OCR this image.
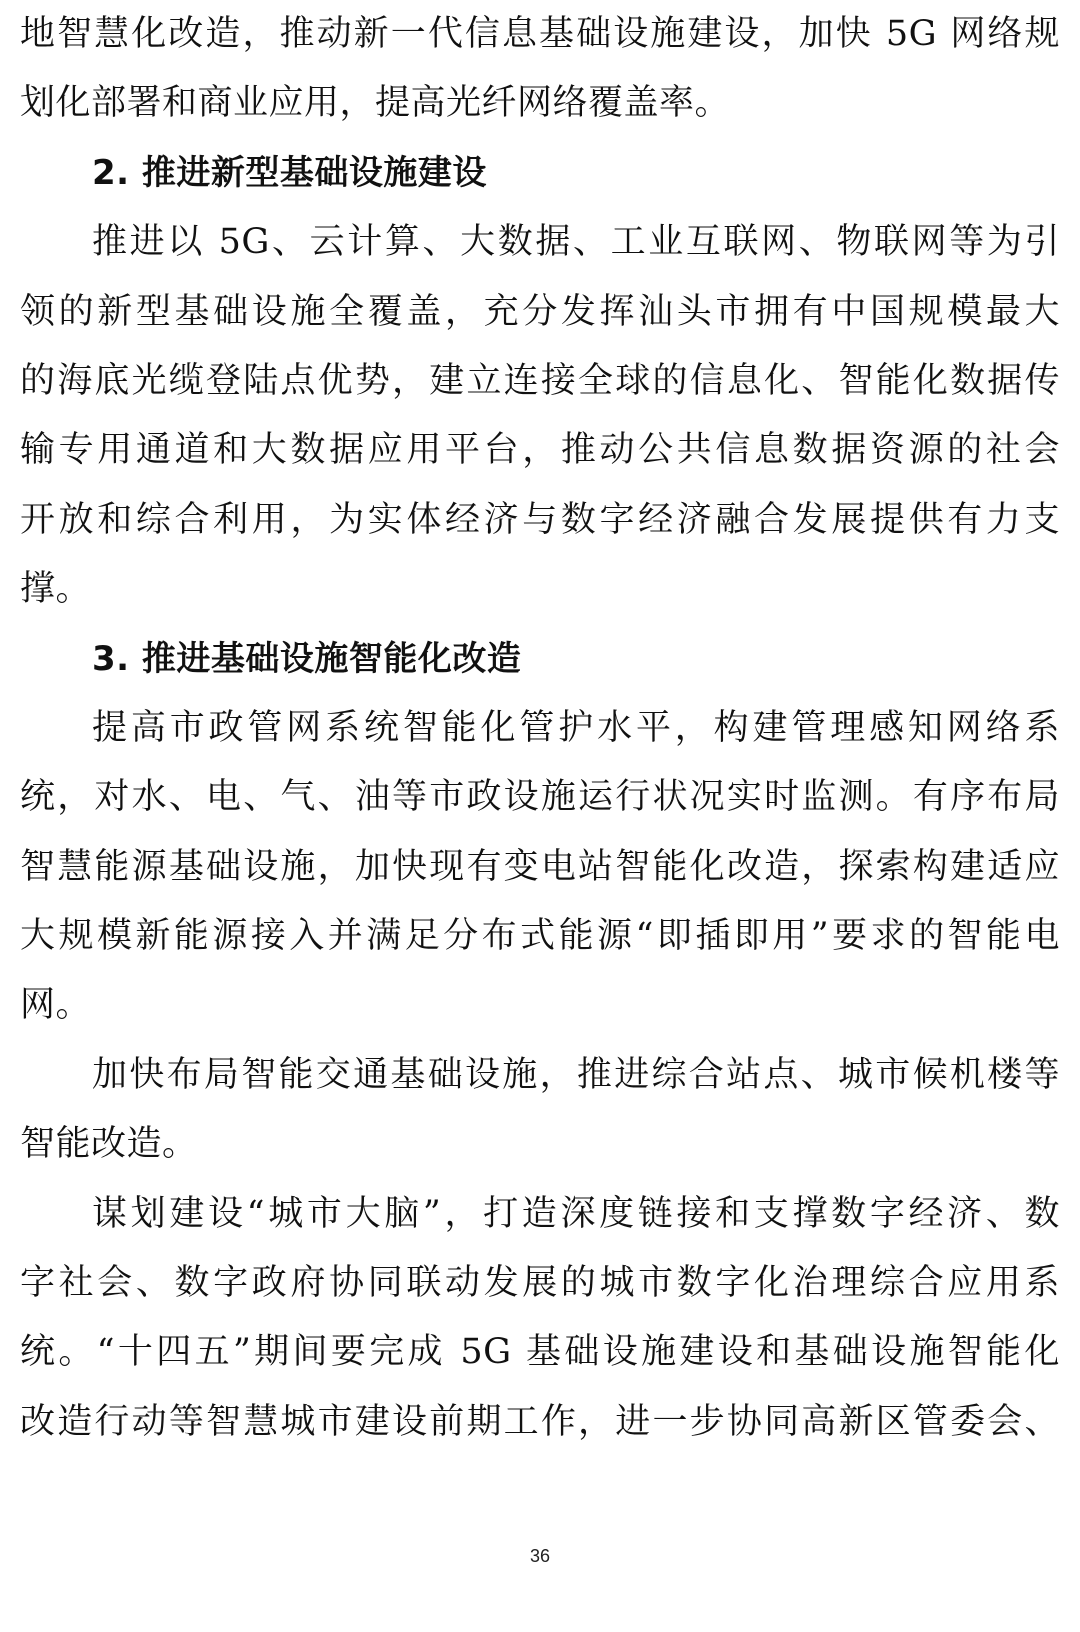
地智慧化改造，推动新一代信息基础设施建设，加快 5G 网络规
划化部署和商业应用，提高光纤网络覆盖率。
2. 推进新型基础设施建设
推进以 5G、云计算、大数据、工业互联网、物联网等为引
领的新型基础设施全覆盖，充分发挥汕头市拥有中国规模最大
的海底光缆登陆点优势，建立连接全球的信息化、智能化数据传
输专用通道和大数据应用平台，推动公共信息数据资源的社会
开放和综合利用，为实体经济与数字经济融合发展提供有力支
撑。
3. 推进基础设施智能化改造
提高市政管网系统智能化管护水平，构建管理感知网络系
统，对水、电、气、油等市政设施运行状况实时监测。有序布局
智慧能源基础设施，加快现有变电站智能化改造，探索构建适应
大规模新能源接入并满足分布式能源“即插即用”要求的智能电
网。
加快布局智能交通基础设施，推进综合站点、城市候机楼等
智能改造。
谋划建设“城市大脑”，打造深度链接和支撑数字经济、数
字社会、数字政府协同联动发展的城市数字化治理综合应用系
统。“十四五”期间要完成 5G 基础设施建设和基础设施智能化
改造行动等智慧城市建设前期工作，进一步协同高新区管委会、
36
